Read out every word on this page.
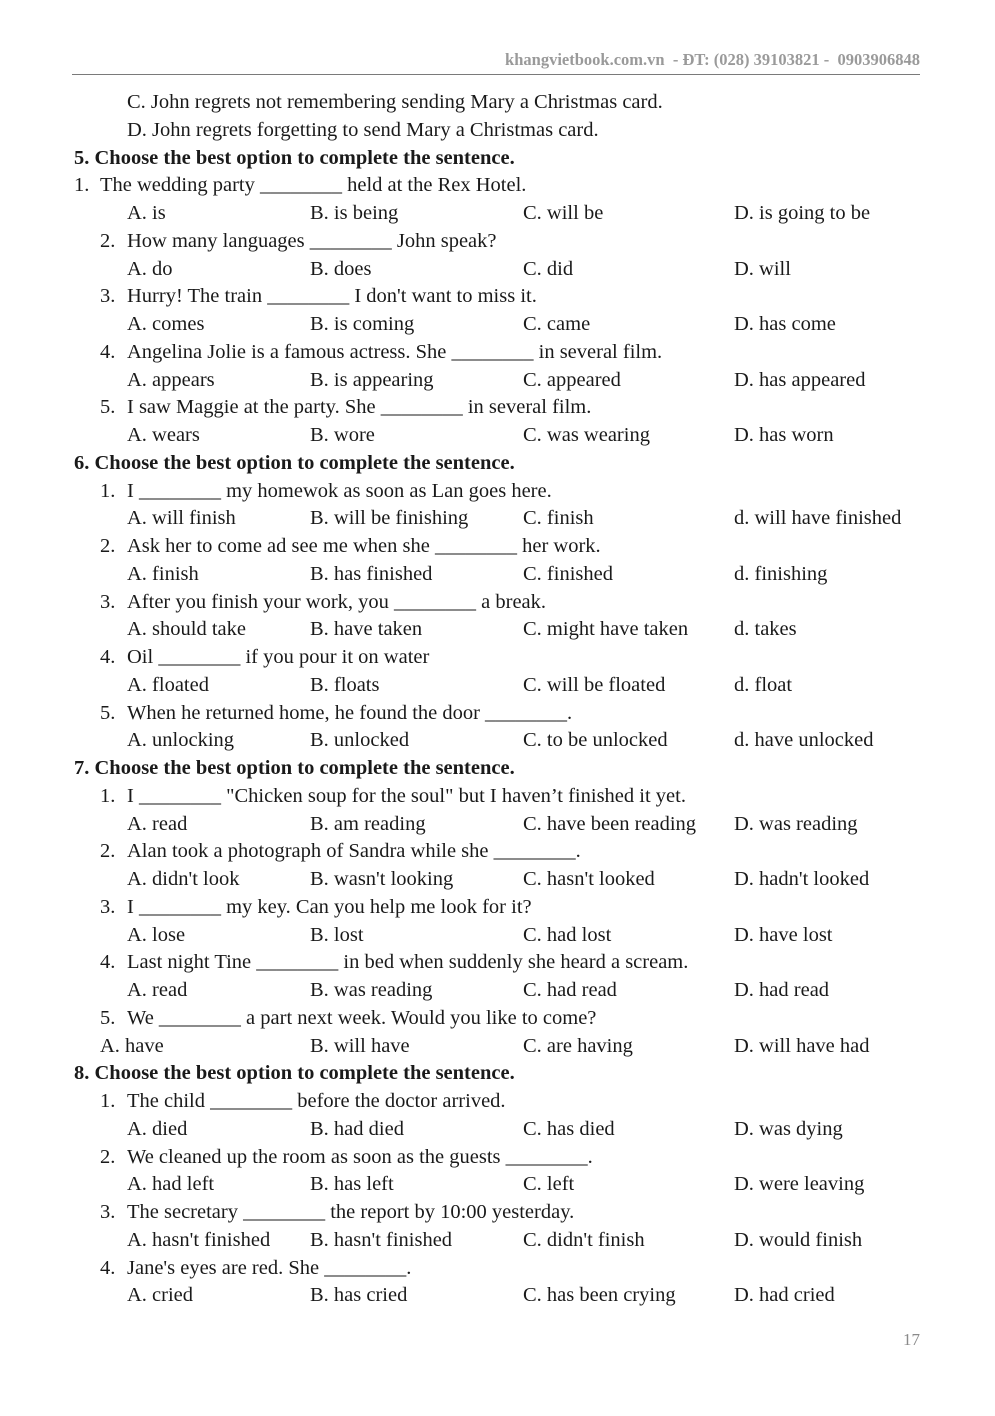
khangvietbook.com.vn  - ĐT: (028) 39103821 -  0903906848
C. John regrets not remembering sending Mary a Christmas card.
D. John regrets forgetting to send Mary a Christmas card.
5. Choose the best option to complete the sentence.
1. The wedding party ________ held at the Rex Hotel.
A. is	B. is being	C. will be	D. is going to be
2. How many languages ________ John speak?
A. do	B. does	C. did	D. will
3. Hurry! The train ________ I don't want to miss it.
A. comes	B. is coming	C. came	D. has come
4. Angelina Jolie is a famous actress. She ________ in several film.
A. appears	B. is appearing	C. appeared	D. has appeared
5. I saw Maggie at the party. She ________ in several film.
A. wears	B. wore	C. was wearing	D. has worn
6. Choose the best option to complete the sentence.
1. I ________ my homewok as soon as Lan goes here.
A. will finish	B. will be finishing	C. finish	d. will have finished
2. Ask her to come ad see me when she ________ her work.
A. finish	B. has finished	C. finished	d. finishing
3. After you finish your work, you ________ a break.
A. should take	B. have taken	C. might have taken d. takes
4. Oil ________ if you pour it on water
A. floated	B. floats	C. will be floated	d. float
5. When he returned home, he found the door ________.
A. unlocking	B. unlocked	C. to be unlocked	d. have unlocked
7. Choose the best option to complete the sentence.
1. I ________ "Chicken soup for the soul" but I haven’t finished it yet.
A. read	B. am reading	C. have been reading D. was reading
2. Alan took a photograph of Sandra while she ________.
A. didn't look	B. wasn't looking	C. hasn't looked	D. hadn't looked
3. I ________ my key. Can you help me look for it?
A. lose	B. lost	C. had lost	D. have lost
4. Last night Tine ________ in bed when suddenly she heard a scream.
A. read	B. was reading	C. had read	D. had read
5. We ________ a part next week. Would you like to come?
A. have	B. will have	C. are having	D. will have had
8. Choose the best option to complete the sentence.
1. The child ________ before the doctor arrived.
A. died	B. had died	C. has died	D. was dying
2. We cleaned up the room as soon as the guests ________.
A. had left	B. has left	C. left	D. were leaving
3. The secretary ________ the report by 10:00 yesterday.
A. hasn't finished B. hasn't finished	C. didn't finish	D. would finish
4. Jane's eyes are red. She ________.
A. cried	B. has cried	C. has been crying	D. had cried
17
